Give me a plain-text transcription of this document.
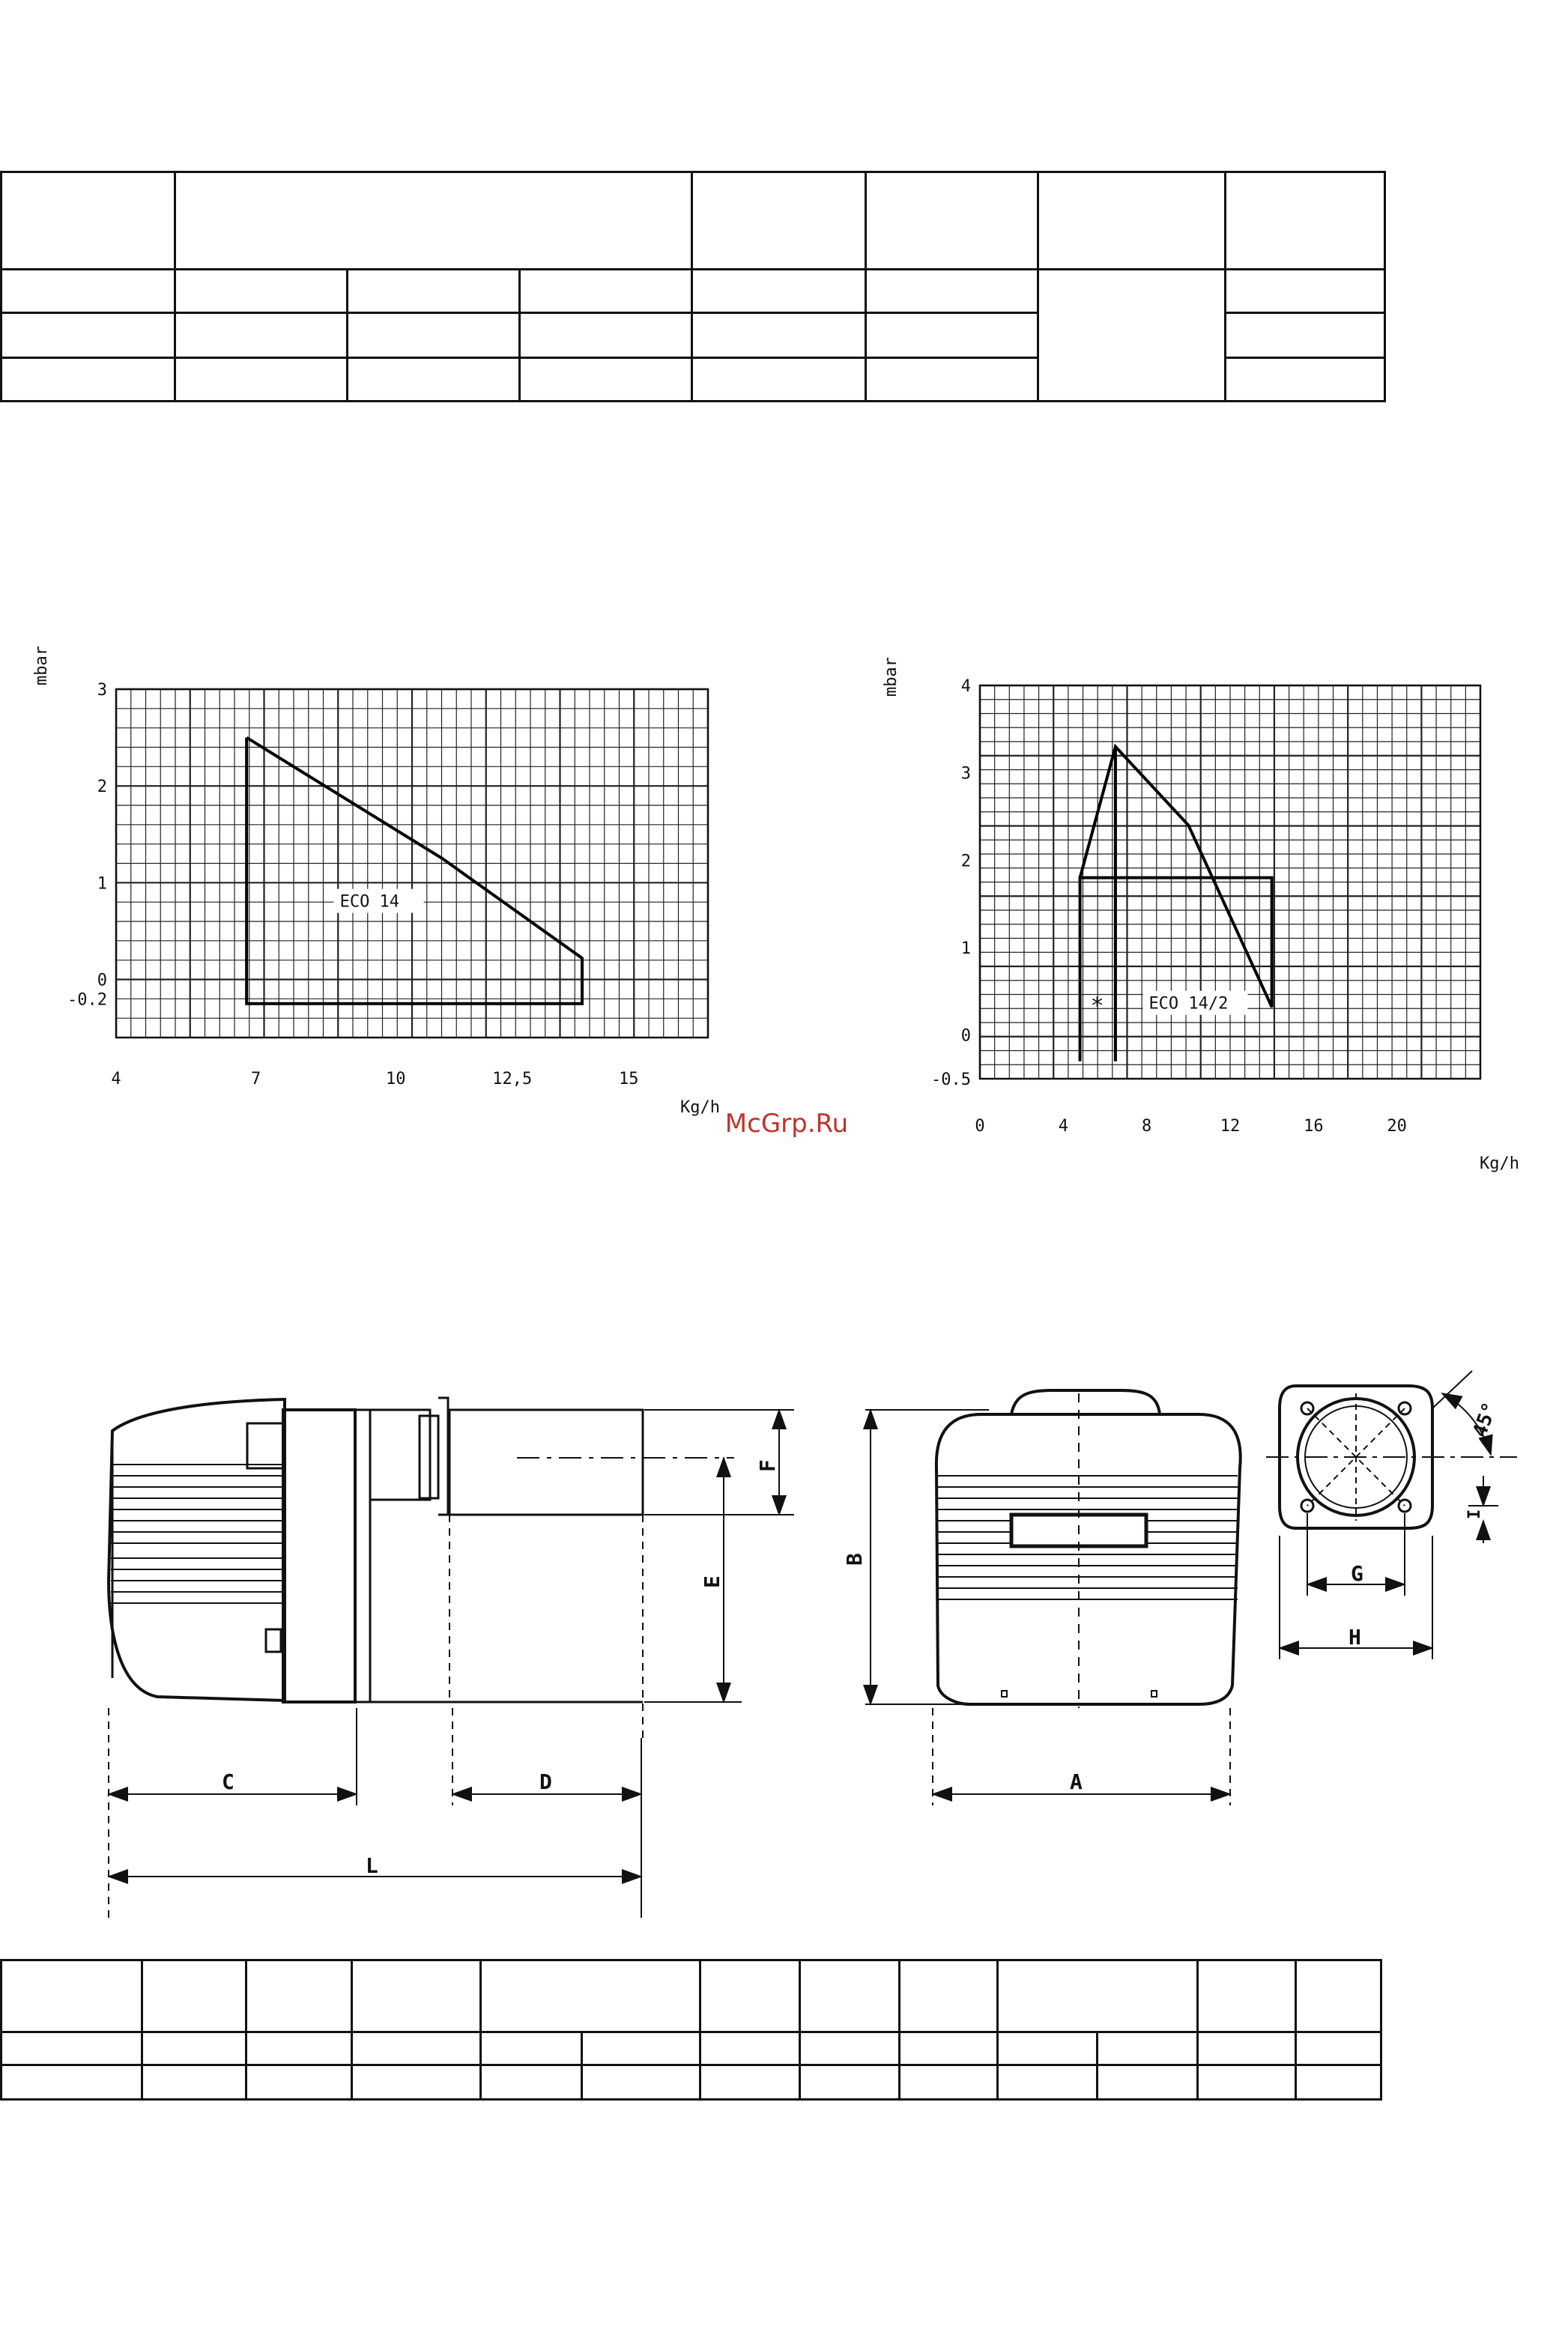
4	7	10	12,5	15
3
2
1
0
-0.2
mbar
Kg/h
ECO 14
0	4	8	12	16	20
4
3
2
1
0
-0.5
mbar
Kg/h
ECO 14/2
*
McGrp.Ru
C	D
L
A
G
H
E
F
B
I
45°
